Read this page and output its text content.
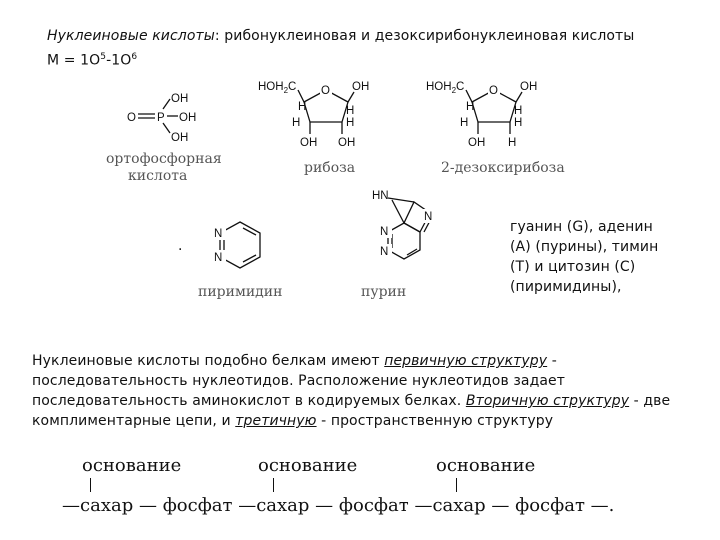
Нуклеиновые кислоты: рибонуклеиновая и дезоксирибонуклеиновая кислоты
$M = 1O^5-1O^6$
OH
O P OH
OH
ортофосфорная
кислота
$HOH_2C$ O OH
H	H
H	H
OH OH
рибоза
$HOH_2C$ O OH
H	H
H	H
OH H
2-дезоксирибоза
.
N
N
пиримидин
HN
N
N
N
пурин
гуанин (G), аденин
(A) (пурины), тимин
(T) и цитозин (C)
(пиримидины),
Нуклеиновые кислоты подобно белкам имеют первичную структуру -
последовательность нуклеотидов. Расположение нуклеотидов задает
последовательность аминокислот в кодируемых белках. Вторичную структуру - две
комплиментарные цепи, и третичную - пространственную структуру
основание	основание	основание
—сахар — фосфат —сахар — фосфат —сахар — фосфат —.
